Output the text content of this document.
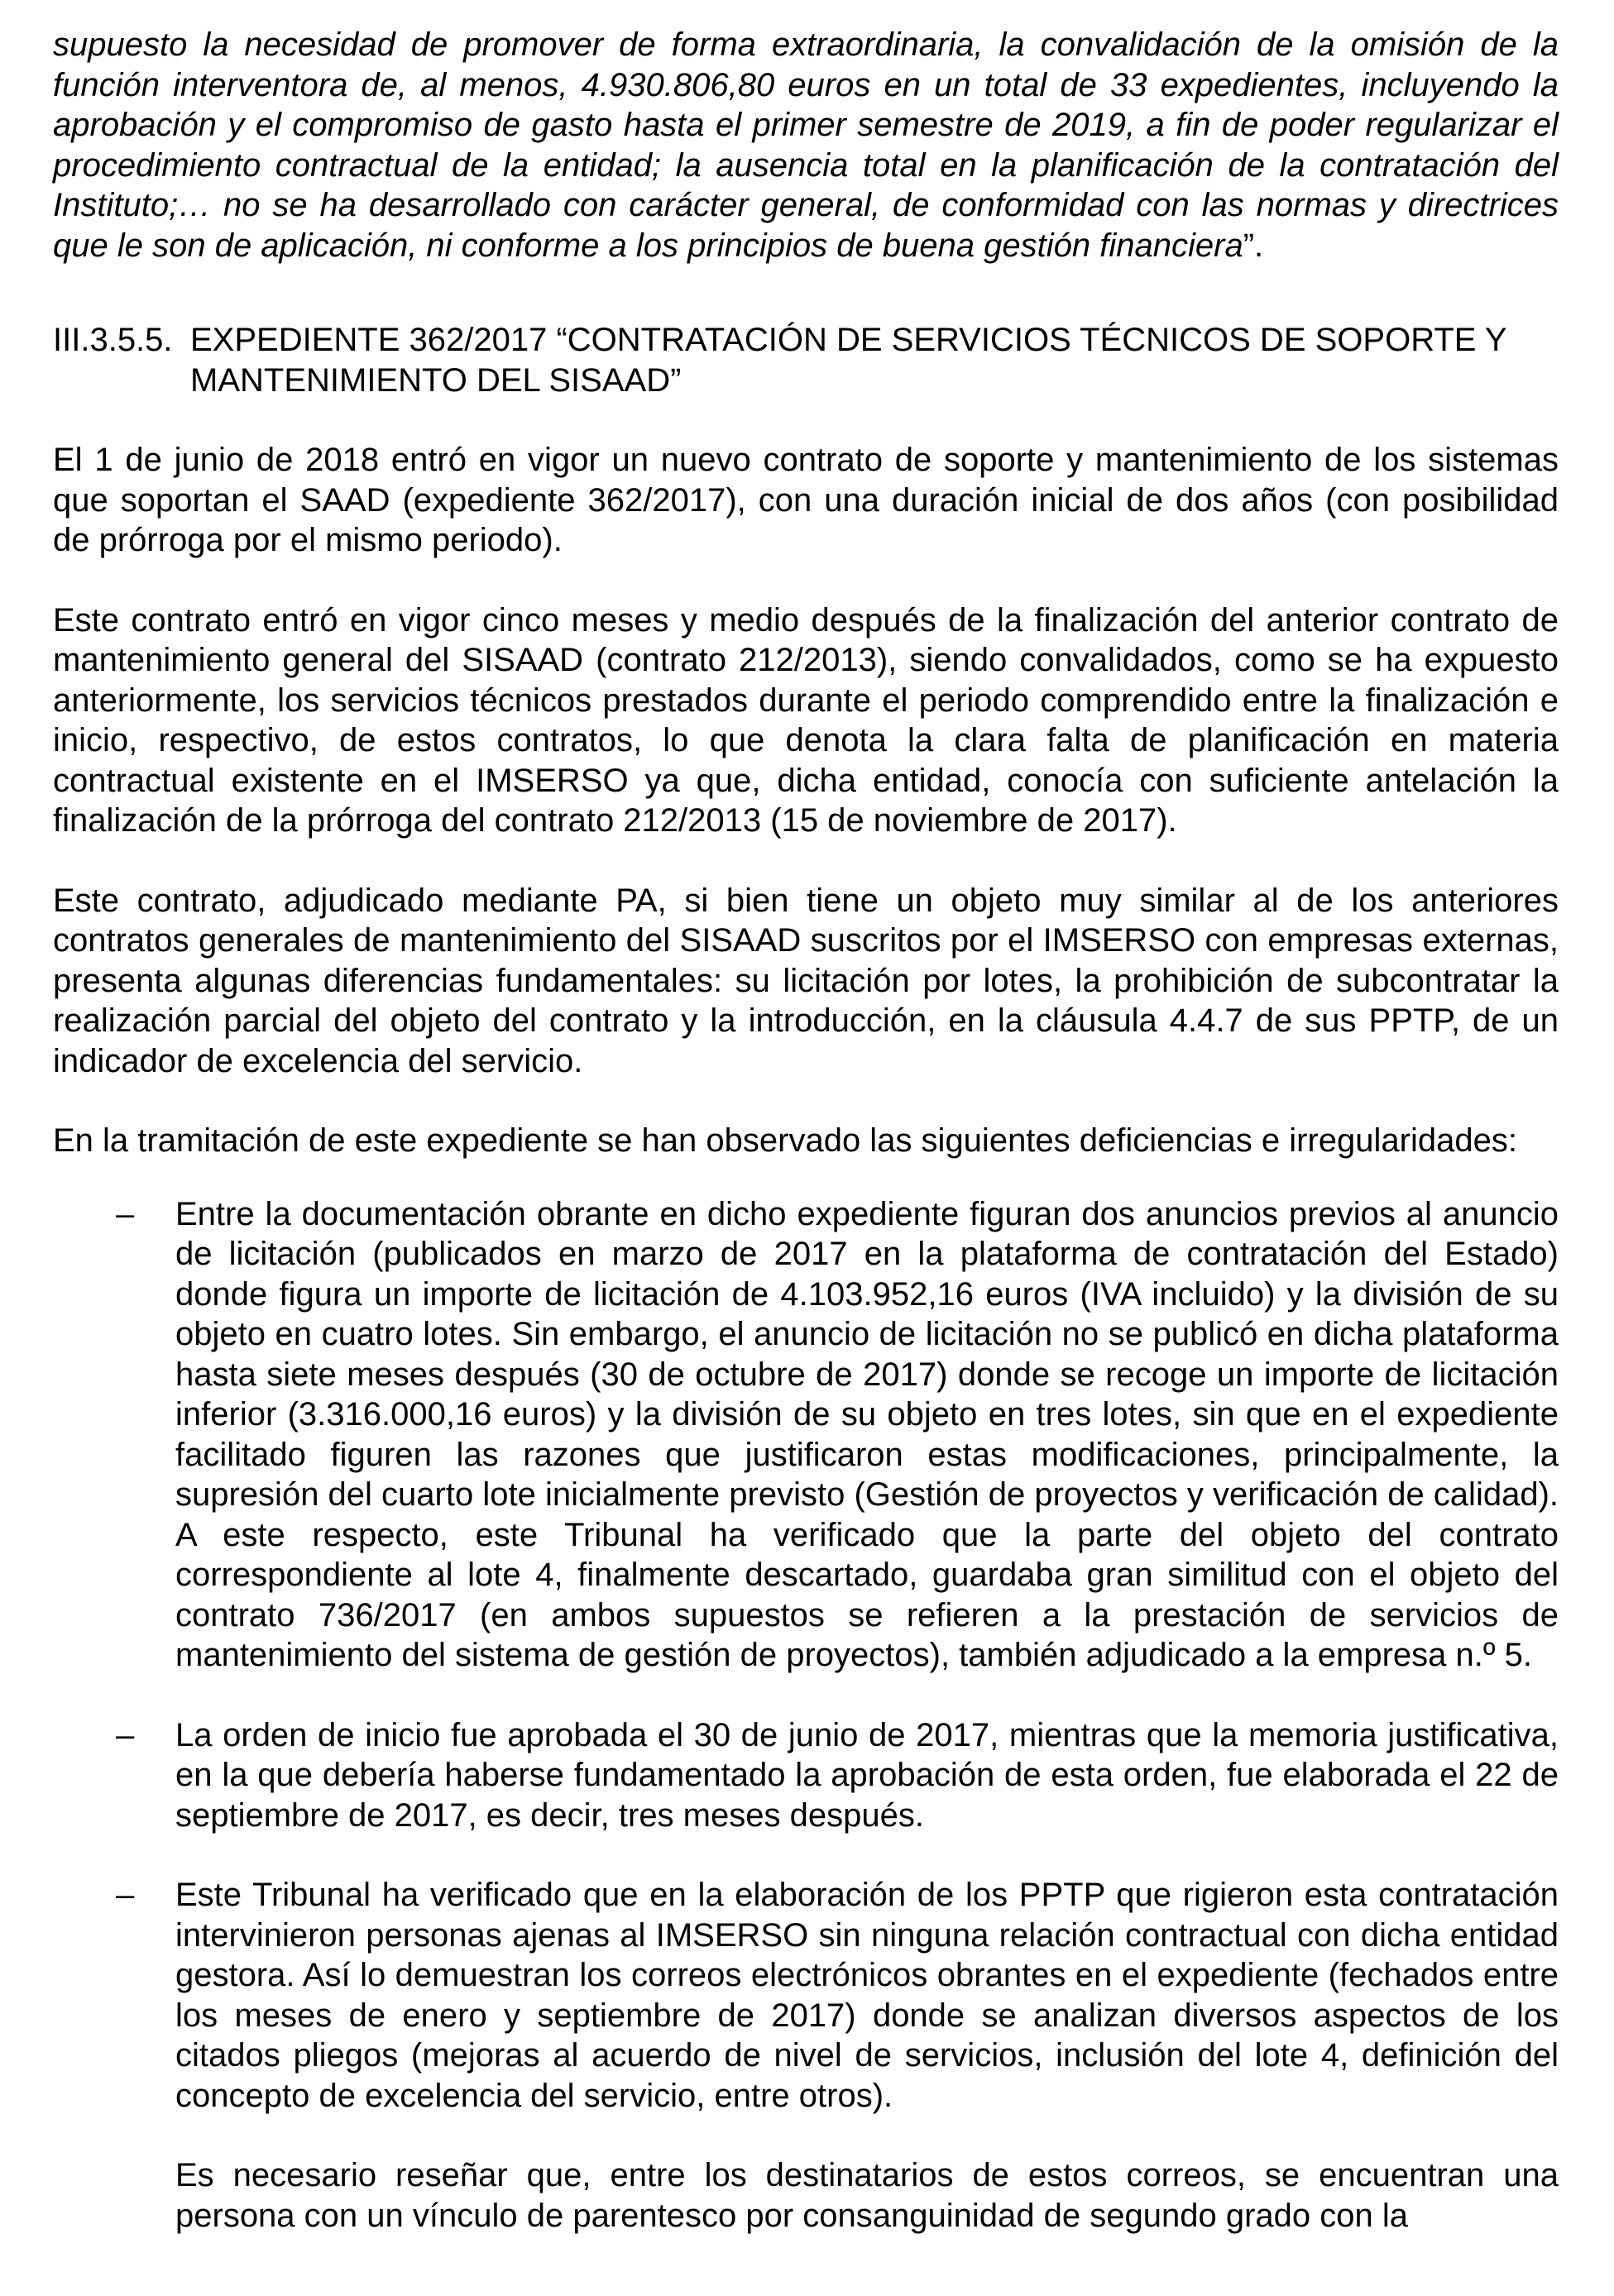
supuesto la necesidad de promover de forma extraordinaria, la convalidación de la omisión de la función interventora de, al menos, 4.930.806,80 euros en un total de 33 expedientes, incluyendo la aprobación y el compromiso de gasto hasta el primer semestre de 2019, a fin de poder regularizar el procedimiento contractual de la entidad; la ausencia total en la planificación de la contratación del Instituto;… no se ha desarrollado con carácter general, de conformidad con las normas y directrices que le son de aplicación, ni conforme a los principios de buena gestión financiera”.

III.3.5.5. EXPEDIENTE 362/2017 “CONTRATACIÓN DE SERVICIOS TÉCNICOS DE SOPORTE Y MANTENIMIENTO DEL SISAAD”

El 1 de junio de 2018 entró en vigor un nuevo contrato de soporte y mantenimiento de los sistemas que soportan el SAAD (expediente 362/2017), con una duración inicial de dos años (con posibilidad de prórroga por el mismo periodo).

Este contrato entró en vigor cinco meses y medio después de la finalización del anterior contrato de mantenimiento general del SISAAD (contrato 212/2013), siendo convalidados, como se ha expuesto anteriormente, los servicios técnicos prestados durante el periodo comprendido entre la finalización e inicio, respectivo, de estos contratos, lo que denota la clara falta de planificación en materia contractual existente en el IMSERSO ya que, dicha entidad, conocía con suficiente antelación la finalización de la prórroga del contrato 212/2013 (15 de noviembre de 2017).

Este contrato, adjudicado mediante PA, si bien tiene un objeto muy similar al de los anteriores contratos generales de mantenimiento del SISAAD suscritos por el IMSERSO con empresas externas, presenta algunas diferencias fundamentales: su licitación por lotes, la prohibición de subcontratar la realización parcial del objeto del contrato y la introducción, en la cláusula 4.4.7 de sus PPTP, de un indicador de excelencia del servicio.

En la tramitación de este expediente se han observado las siguientes deficiencias e irregularidades:

–	Entre la documentación obrante en dicho expediente figuran dos anuncios previos al anuncio de licitación (publicados en marzo de 2017 en la plataforma de contratación del Estado) donde figura un importe de licitación de 4.103.952,16 euros (IVA incluido) y la división de su objeto en cuatro lotes. Sin embargo, el anuncio de licitación no se publicó en dicha plataforma hasta siete meses después (30 de octubre de 2017) donde se recoge un importe de licitación inferior (3.316.000,16 euros) y la división de su objeto en tres lotes, sin que en el expediente facilitado figuren las razones que justificaron estas modificaciones, principalmente, la supresión del cuarto lote inicialmente previsto (Gestión de proyectos y verificación de calidad). A este respecto, este Tribunal ha verificado que la parte del objeto del contrato correspondiente al lote 4, finalmente descartado, guardaba gran similitud con el objeto del contrato 736/2017 (en ambos supuestos se refieren a la prestación de servicios de mantenimiento del sistema de gestión de proyectos), también adjudicado a la empresa n.º 5.

–	La orden de inicio fue aprobada el 30 de junio de 2017, mientras que la memoria justificativa, en la que debería haberse fundamentado la aprobación de esta orden, fue elaborada el 22 de septiembre de 2017, es decir, tres meses después.

–	Este Tribunal ha verificado que en la elaboración de los PPTP que rigieron esta contratación intervinieron personas ajenas al IMSERSO sin ninguna relación contractual con dicha entidad gestora. Así lo demuestran los correos electrónicos obrantes en el expediente (fechados entre los meses de enero y septiembre de 2017) donde se analizan diversos aspectos de los citados pliegos (mejoras al acuerdo de nivel de servicios, inclusión del lote 4, definición del concepto de excelencia del servicio, entre otros).

Es necesario reseñar que, entre los destinatarios de estos correos, se encuentran una persona con un vínculo de parentesco por consanguinidad de segundo grado con la
